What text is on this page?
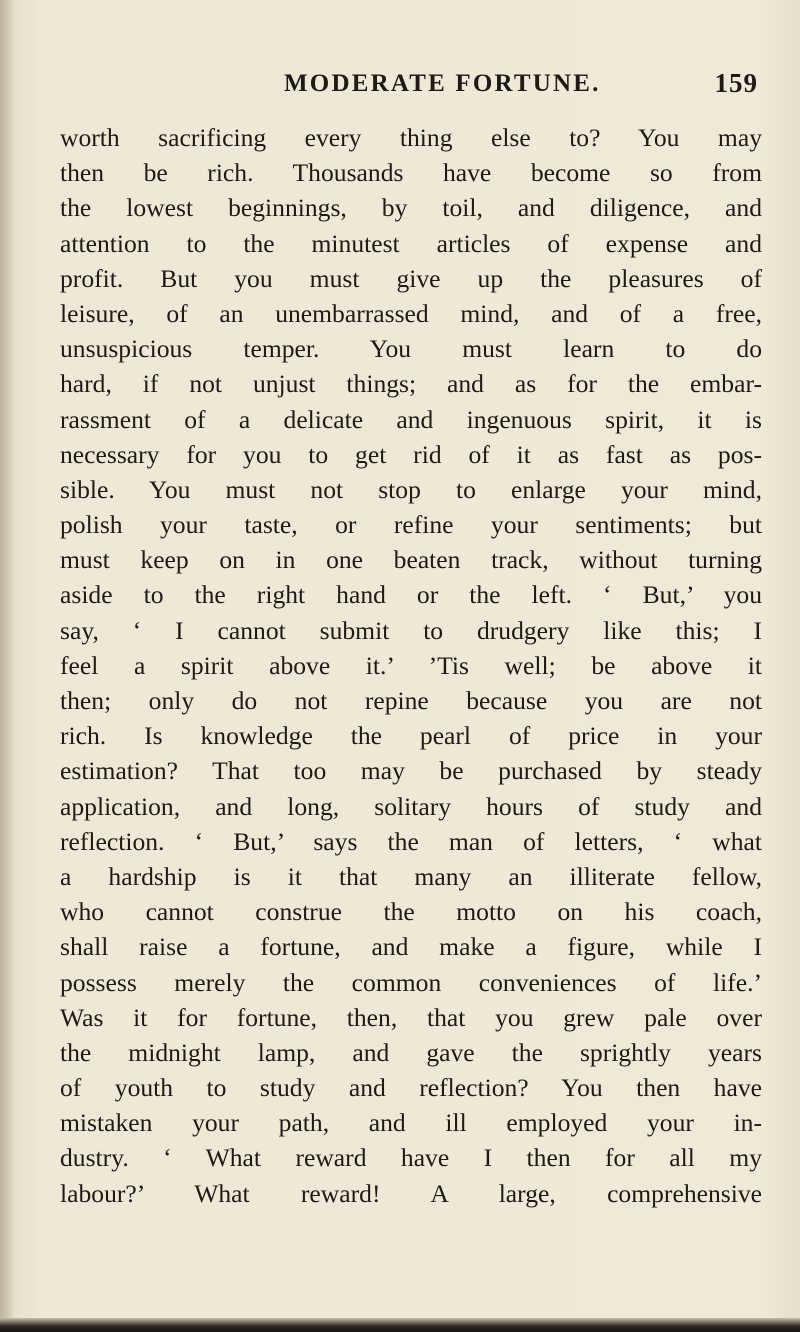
MODERATE FORTUNE.	159
worth sacrificing every thing else to? You may
then be rich. Thousands have become so from
the lowest beginnings, by toil, and diligence, and
attention to the minutest articles of expense and
profit. But you must give up the pleasures of
leisure, of an unembarrassed mind, and of a free,
unsuspicious temper. You must learn to do
hard, if not unjust things; and as for the embar-
rassment of a delicate and ingenuous spirit, it is
necessary for you to get rid of it as fast as pos-
sible. You must not stop to enlarge your mind,
polish your taste, or refine your sentiments; but
must keep on in one beaten track, without turning
aside to the right hand or the left. ‘ But,’ you
say, ‘ I cannot submit to drudgery like this; I
feel a spirit above it.’ ’Tis well; be above it
then; only do not repine because you are not
rich. Is knowledge the pearl of price in your
estimation? That too may be purchased by steady
application, and long, solitary hours of study and
reflection. ‘ But,’ says the man of letters, ‘ what
a hardship is it that many an illiterate fellow,
who cannot construe the motto on his coach,
shall raise a fortune, and make a figure, while I
possess merely the common conveniences of life.’
Was it for fortune, then, that you grew pale over
the midnight lamp, and gave the sprightly years
of youth to study and reflection? You then have
mistaken your path, and ill employed your in-
dustry. ‘ What reward have I then for all my
labour?’ What reward! A large, comprehensive
